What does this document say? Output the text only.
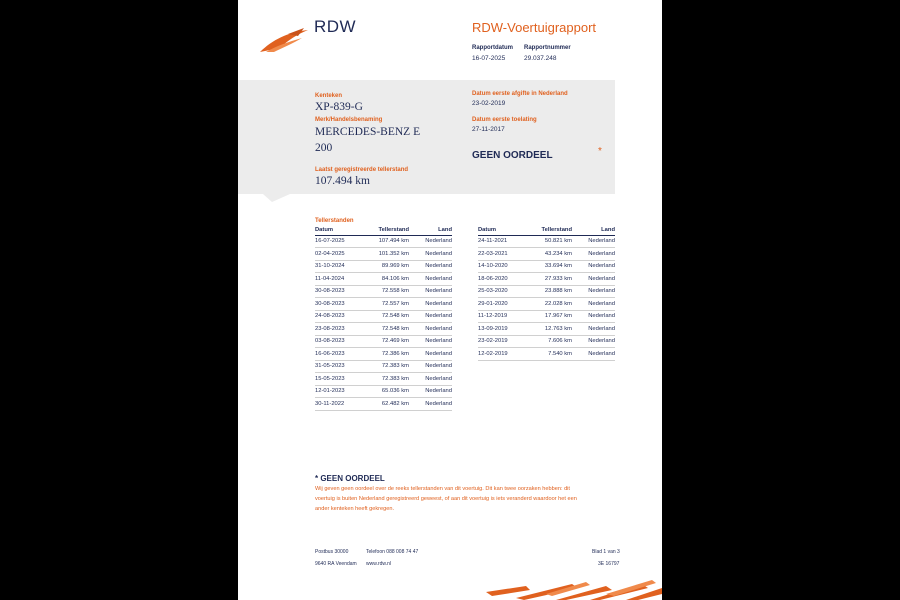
RDW	RDW-Voertuigrapport
Rapportdatum
16-07-2025
Rapportnummer
29.037.248
Kenteken
XP-839-G
Merk/Handelsbenaming
MERCEDES-BENZ E
200
Laatst geregistreerde tellerstand
107.494 km
Datum eerste afgifte in Nederland
23-02-2019
Datum eerste toelating
27-11-2017
GEEN OORDEEL	*
Tellerstanden
Datum	Tellerstand	Land
16-07-2025	107.494 km	Nederland
02-04-2025	101.352 km	Nederland
31-10-2024	89.969 km	Nederland
11-04-2024	84.106 km	Nederland
30-08-2023	72.558 km	Nederland
30-08-2023	72.557 km	Nederland
24-08-2023	72.548 km	Nederland
23-08-2023	72.548 km	Nederland
03-08-2023	72.469 km	Nederland
16-06-2023	72.386 km	Nederland
31-05-2023	72.383 km	Nederland
15-05-2023	72.383 km	Nederland
12-01-2023	65.036 km	Nederland
30-11-2022	62.482 km	Nederland
Datum	Tellerstand	Land
24-11-2021	50.821 km	Nederland
22-03-2021	43.234 km	Nederland
14-10-2020	33.694 km	Nederland
18-06-2020	27.933 km	Nederland
25-03-2020	23.888 km	Nederland
29-01-2020	22.028 km	Nederland
11-12-2019	17.967 km	Nederland
13-09-2019	12.763 km	Nederland
23-02-2019	7.606 km	Nederland
12-02-2019	7.540 km	Nederland
* GEEN OORDEEL
Wij geven geen oordeel over de reeks tellerstanden van dit voertuig. Dit kan twee oorzaken hebben: dit
voertuig is buiten Nederland geregistreerd geweest, of aan dit voertuig is iets veranderd waardoor het een
ander kenteken heeft gekregen.
Postbus 30000	Telefoon 088 008 74 47	Blad 1 van 3
9640 RA Veendam www.rdw.nl	3E 16797
